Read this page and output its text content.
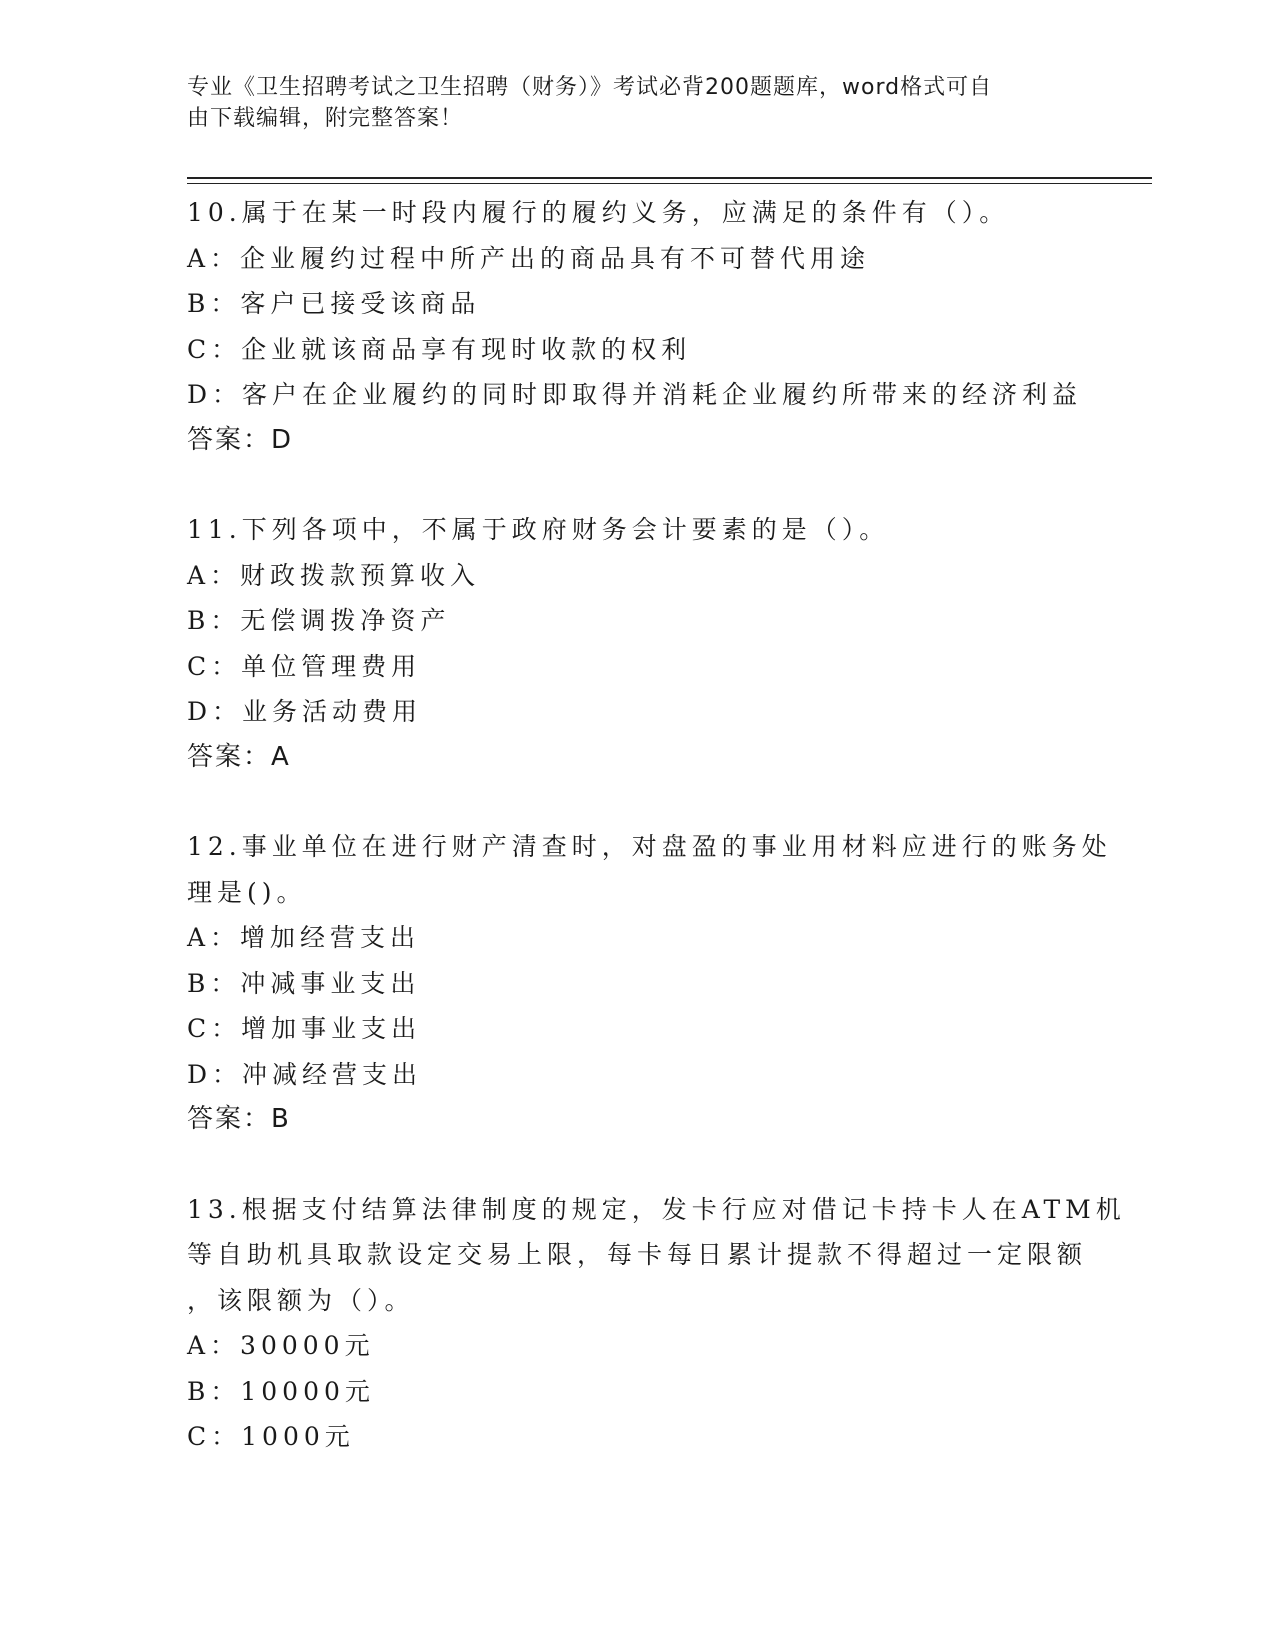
专业《卫生招聘考试之卫生招聘（财务）》考试必背200题题库，word格式可自
由下载编辑，附完整答案！
10.属于在某一时段内履行的履约义务，应满足的条件有（）。
A：企业履约过程中所产出的商品具有不可替代用途
B：客户已接受该商品
C：企业就该商品享有现时收款的权利
D：客户在企业履约的同时即取得并消耗企业履约所带来的经济利益
答案：D
11.下列各项中，不属于政府财务会计要素的是（）。
A：财政拨款预算收入
B：无偿调拨净资产
C：单位管理费用
D：业务活动费用
答案：A
12.事业单位在进行财产清查时，对盘盈的事业用材料应进行的账务处
理是()。
A：增加经营支出
B：冲减事业支出
C：增加事业支出
D：冲减经营支出
答案：B
13.根据支付结算法律制度的规定，发卡行应对借记卡持卡人在ATM机
等自助机具取款设定交易上限，每卡每日累计提款不得超过一定限额
，该限额为（）。
A：30000元
B：10000元
C：1000元
